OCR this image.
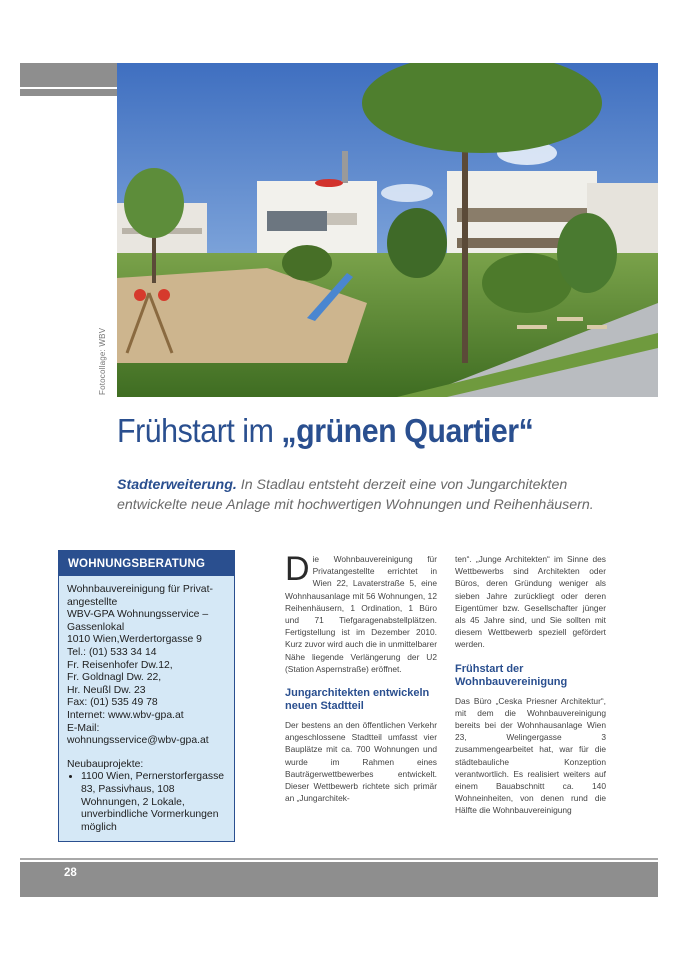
Fotocollage: WBV
Frühstart im „grünen Quartier“
Stadterweiterung. In Stadlau entsteht derzeit eine von Jungarchitekten entwickelte neue Anlage mit hochwertigen Wohnungen und Reihenhäusern.
WOHNUNGSBERATUNG

Wohnbauvereinigung für Privat-

angestellte

WBV-GPA Wohnungsservice –

Gassenlokal

1010 Wien,Werdertorgasse 9

Tel.: (01) 533 34 14

Fr. Reisenhofer Dw.12,

Fr. Goldnagl Dw. 22,

Hr. Neußl Dw. 23

Fax: (01) 535 49 78

Internet: www.wbv-gpa.at

E-Mail:

wohnungsservice@wbv-gpa.at

Neubauprojekte:

• 1100 Wien, Pernerstorfergasse 83, Passivhaus, 108 Wohnungen, 2 Lokale, unverbindliche Vormerkungen möglich

Die Wohnbauvereinigung für Privatangestellte errichtet in Wien 22, Lavaterstraße 5, eine Wohnhausanlage mit 56 Wohnungen, 12 Reihenhäusern, 1 Ordination, 1 Büro und 71 Tiefgaragenabstellplätzen. Fertigstellung ist im Dezember 2010. Kurz zuvor wird auch die in unmittelbarer Nähe liegende Verlängerung der U2 (Station Aspernstraße) eröffnet.

Jungarchitekten entwickeln neuen Stadtteil

Der bestens an den öffentlichen Verkehr angeschlossene Stadtteil umfasst vier Bauplätze mit ca. 700 Wohnungen und wurde im Rahmen eines Bauträgerwettbewerbes entwickelt. Dieser Wettbewerb richtete sich primär an „Jungarchitek-

ten“. „Junge Architekten“ im Sinne des Wettbewerbs sind Architekten oder Büros, deren Gründung weniger als sieben Jahre zurückliegt oder deren Eigentümer bzw. Gesellschafter jünger als 45 Jahre sind, und Sie sollten mit diesem Wettbewerb speziell gefördert werden.

Frühstart der Wohnbauvereinigung

Das Büro „Ceska Priesner Architektur“, mit dem die Wohnbauvereinigung bereits bei der Wohnhausanlage Wien 23, Welingergasse 3 zusammengearbeitet hat, war für die städtebauliche Konzeption verantwortlich. Es realisiert weiters auf einem Bauabschnitt ca. 140 Wohneinheiten, von denen rund die Hälfte die Wohnbauvereinigung

28
